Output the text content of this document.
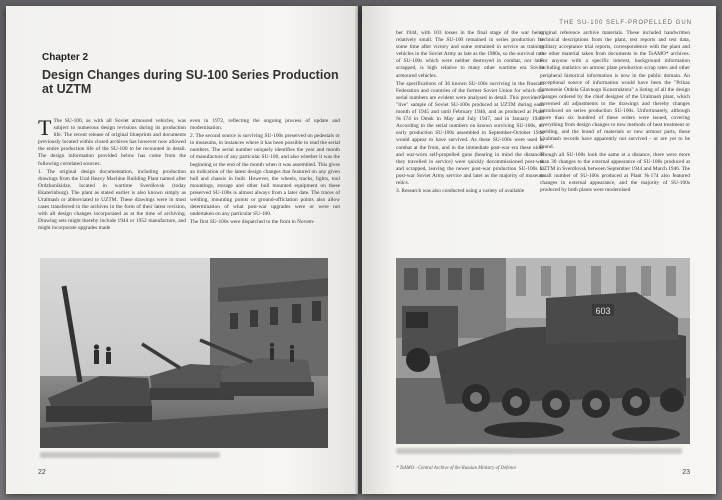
Chapter 2
Design Changes during SU-100 Series Production at UZTM

T The SU-100, as with all Soviet armoured vehicles, was subject to numerous design revisions during its production life. The recent release of original blueprints and documents previously located within closed archives has however now allowed the entire production life of the SU-100 to be recounted in detail. The design information provided below has come from the following correlated sources:

1. The original design documentation, including production drawings from the Ural Heavy Machine Building Plant named after Ordzhonikidze, located in wartime Sverdlovsk (today Ekaterinburg). The plant as stated earlier is also known simply as Uralmash or abbreviated to UZTM. These drawings were in most cases transferred to the archives in the form of their latest revision, with all design changes incorporated as at the time of archiving. Drawing sets might thereby include 1944 or 1952 manufacture, and might incorporate upgrades made

even in 1972, reflecting the ongoing process of update and modernisation.

2. The second source is surviving SU-100s preserved on pedestals or in museums, in instances where it has been possible to read the serial numbers. The serial number uniquely identifies the year and month of manufacture of any particular SU-100, and also whether it was the beginning or the end of the month when it was assembled. This gives an indication of the latest design changes that featured on any given hull and chassis in built. However, the wheels, tracks, lights, tool mountings, storage and other hull mounted equipment on these preserved SU-100s is almost always from a later date. The traces of welding, mounting points or ground-officiation points also allow determination of what post-war upgrades were or were not undertaken on any particular SU-100.

The first SU-100s were dispatched to the front in Novem-

22
THE SU-100 SELF-PROPELLED GUN

ber 1944, with 103 losses in the final stage of the war being relatively small. The SU-100 remained in series production for some time after victory and some remained in service as training vehicles in the Soviet Army as late as the 1980s, so the survival rate of SU-100s which were neither destroyed in combat, nor later scrapped, is high relative to many other wartime era Soviet armoured vehicles.

The specifications of 36 known SU-100s surviving in the Russian Federation and countries of the former Soviet Union for which the serial numbers are evident were analysed in detail. This provided a "live" sample of Soviet SU-100s produced at UZTM during each month of 1945 and until February 1946, and as produced at Plant №174 in Omsk in May and July 1947, and in January 1948. According to the serial numbers on known surviving SU-100s, no early production SU-100s assembled in September-October 1944 would appear to have survived. As these SU-100s were used in combat at the front, and in the immediate post-war era these older and war-worn self-propelled guns (bearing in mind the distances they travelled in service) were quickly decommissioned post-war and scrapped, leaving the newer post-war production SU-100s in post-war Soviet Army service and later as the majority of museum relics.

3. Research was also conducted using a variety of available

original reference archive materials. These included handwritten technical descriptions from the plant, test reports and test data, military acceptance trial reports, correspondence with the plant and the other material taken from documents in the TsAMO* archives. For anyone with a specific interest, background information including statistics on armour plate production scrap rates and other peripheral historical information is now in the public domain. An exceptional source of information would have been the "Prikaz Izmenenie Otdela Glavnogo Konstruktora" a listing of all the design changes ordered by the chief designer of the Uralmash plant, which governed all adjustments to the drawings and thereby changes introduced on series production SU-100s. Unfortunately, although more than six hundred of these orders were issued, covering everything from design changes to new methods of heat treatment or welding, and the brand of materials or new armour parts, these Uralmash records have apparently not survived - or are yet to be found.

Though all SU-100s look the same at a distance, there were more than 30 changes to the external appearance of SU-100s produced at UZTM in Sverdlovsk between September 1944 and March 1946. The small number of SU-100s produced at Plant №174 also featured changes in external appearance, and the majority of SU-100s produced by both plants were modernised

603
* TsAMO - Central Archive of the Russian Ministry of Defence
23
